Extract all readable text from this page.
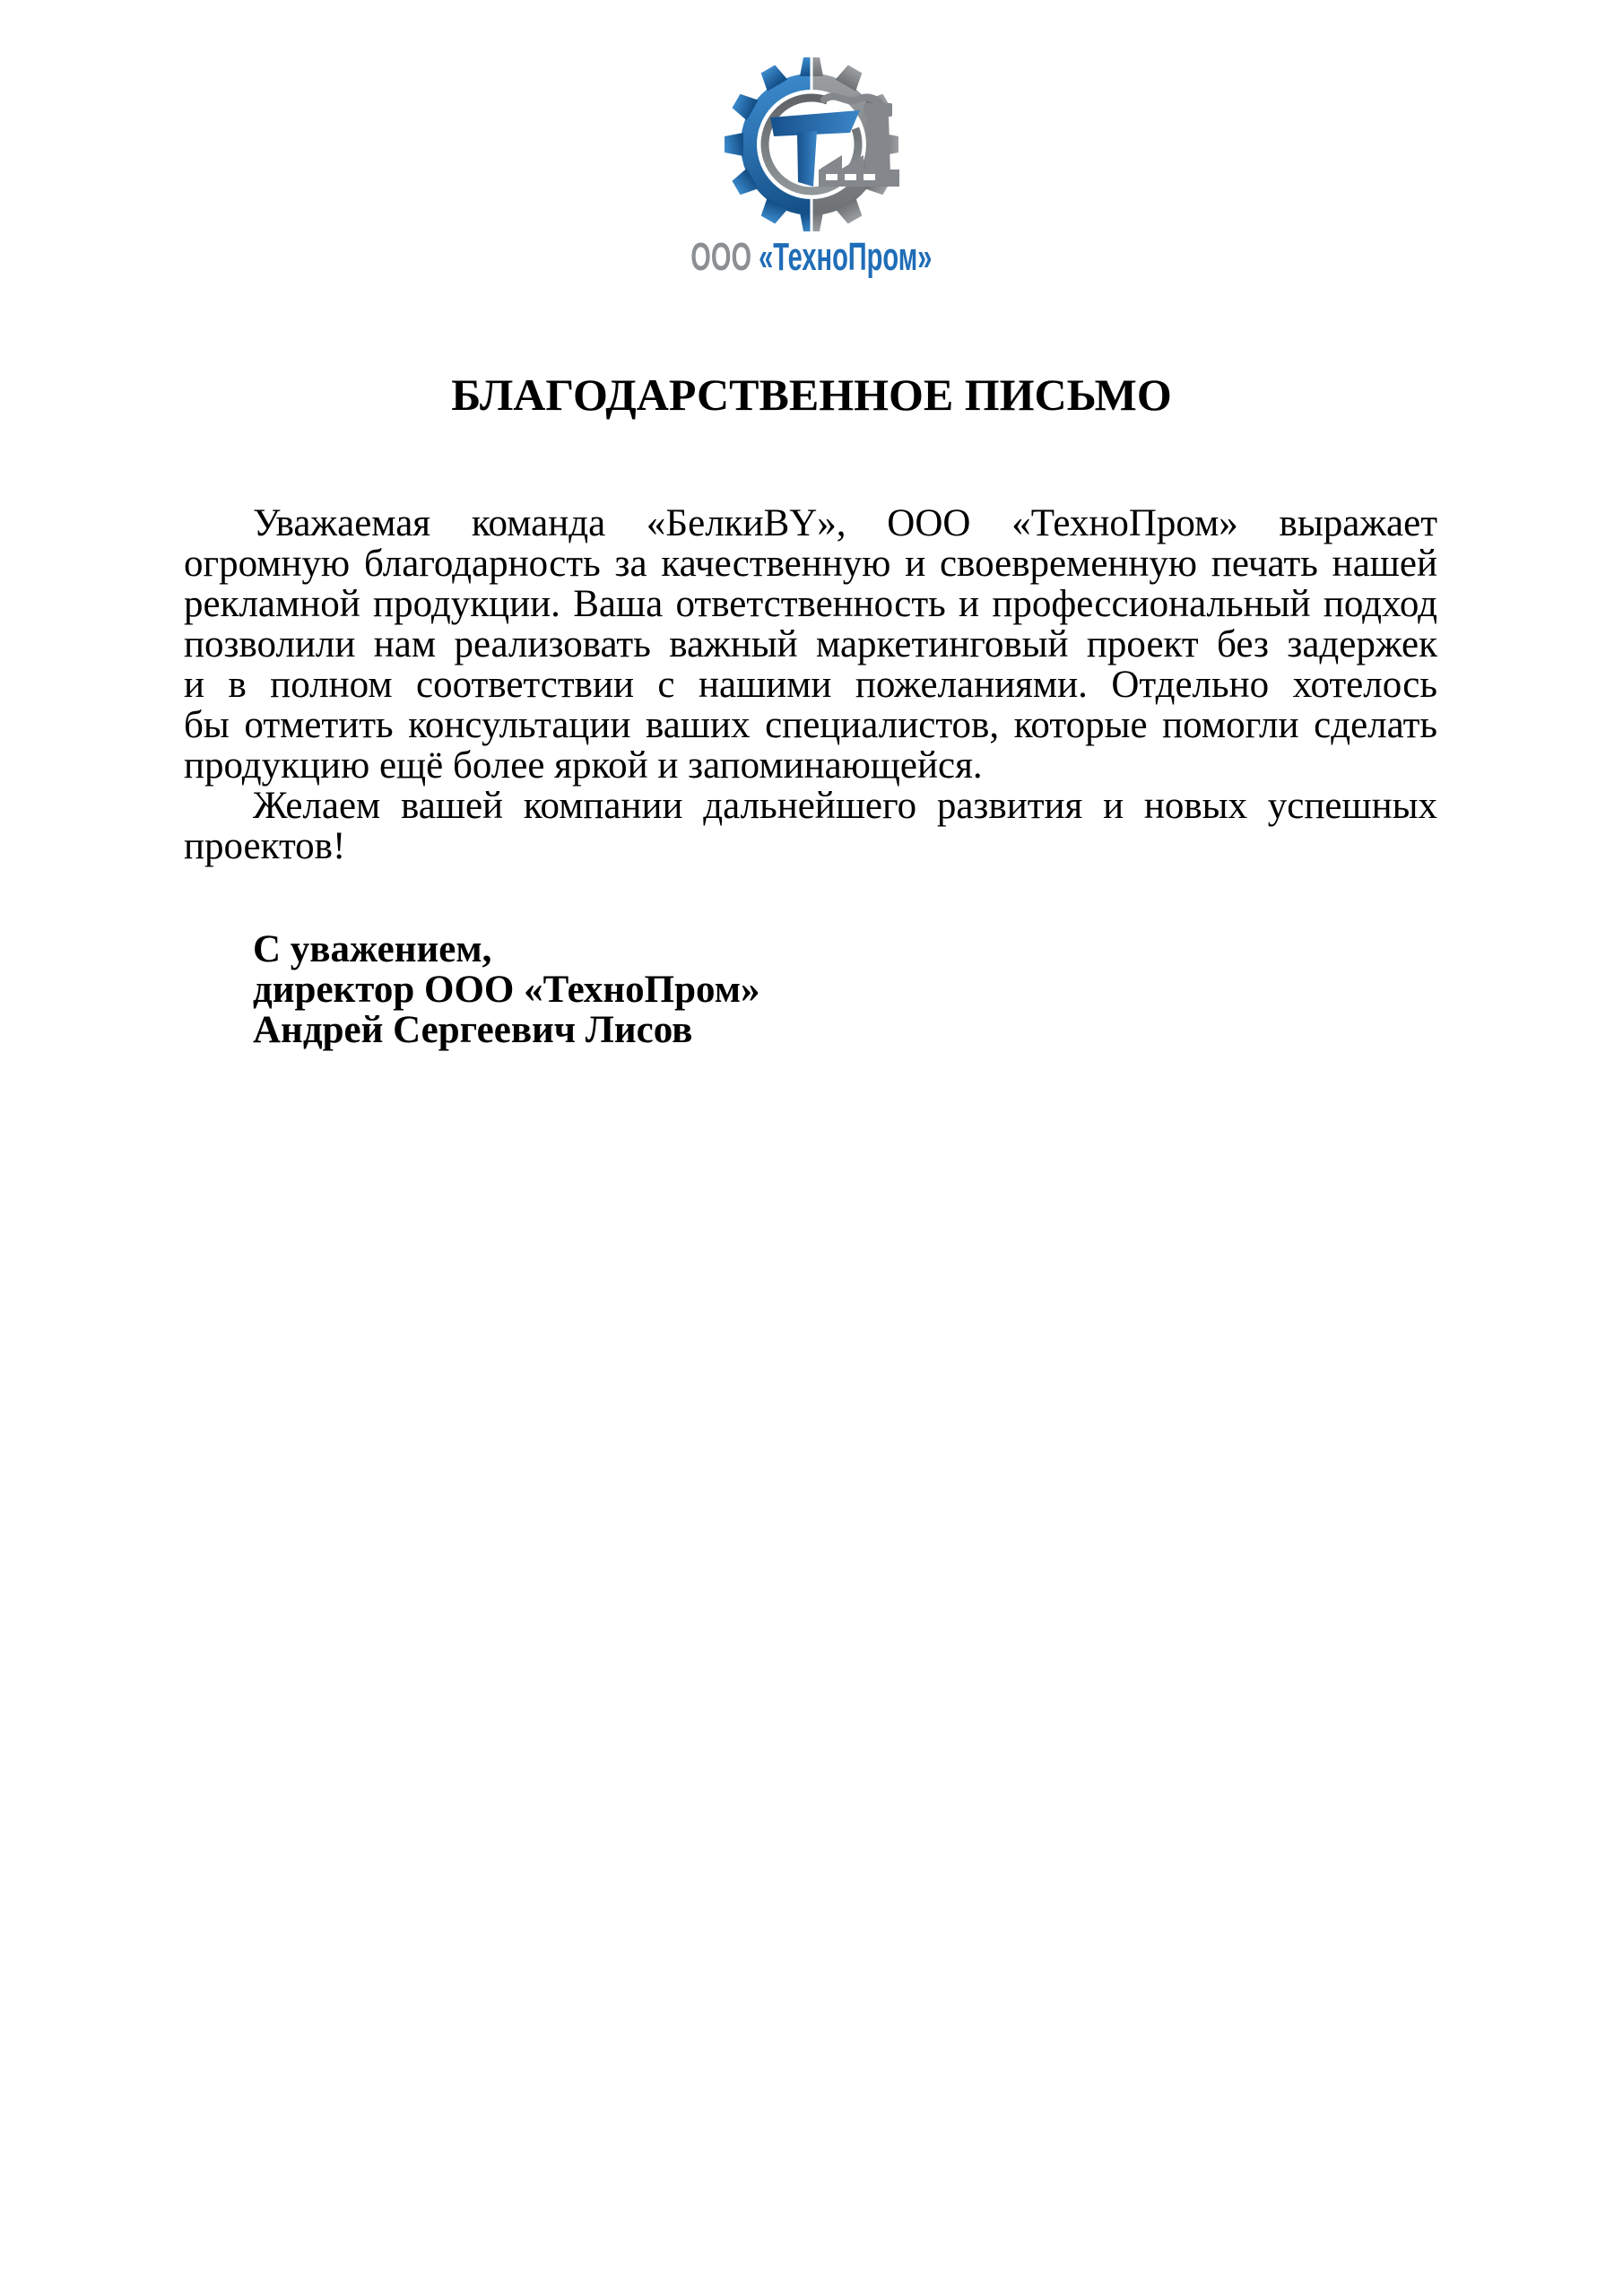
ООО «ТехноПром»
БЛАГОДАРСТВЕННОЕ ПИСЬМО
Уважаемая команда «БелкиBY», ООО «ТехноПром» выражает
огромную благодарность за качественную и своевременную печать нашей
рекламной продукции. Ваша ответственность и профессиональный подход
позволили нам реализовать важный маркетинговый проект без задержек
и в полном соответствии с нашими пожеланиями. Отдельно хотелось
бы отметить консультации ваших специалистов, которые помогли сделать
продукцию ещё более яркой и запоминающейся.
Желаем вашей компании дальнейшего развития и новых успешных
проектов!
С уважением,
директор ООО «ТехноПром»
Андрей Сергеевич Лисов
